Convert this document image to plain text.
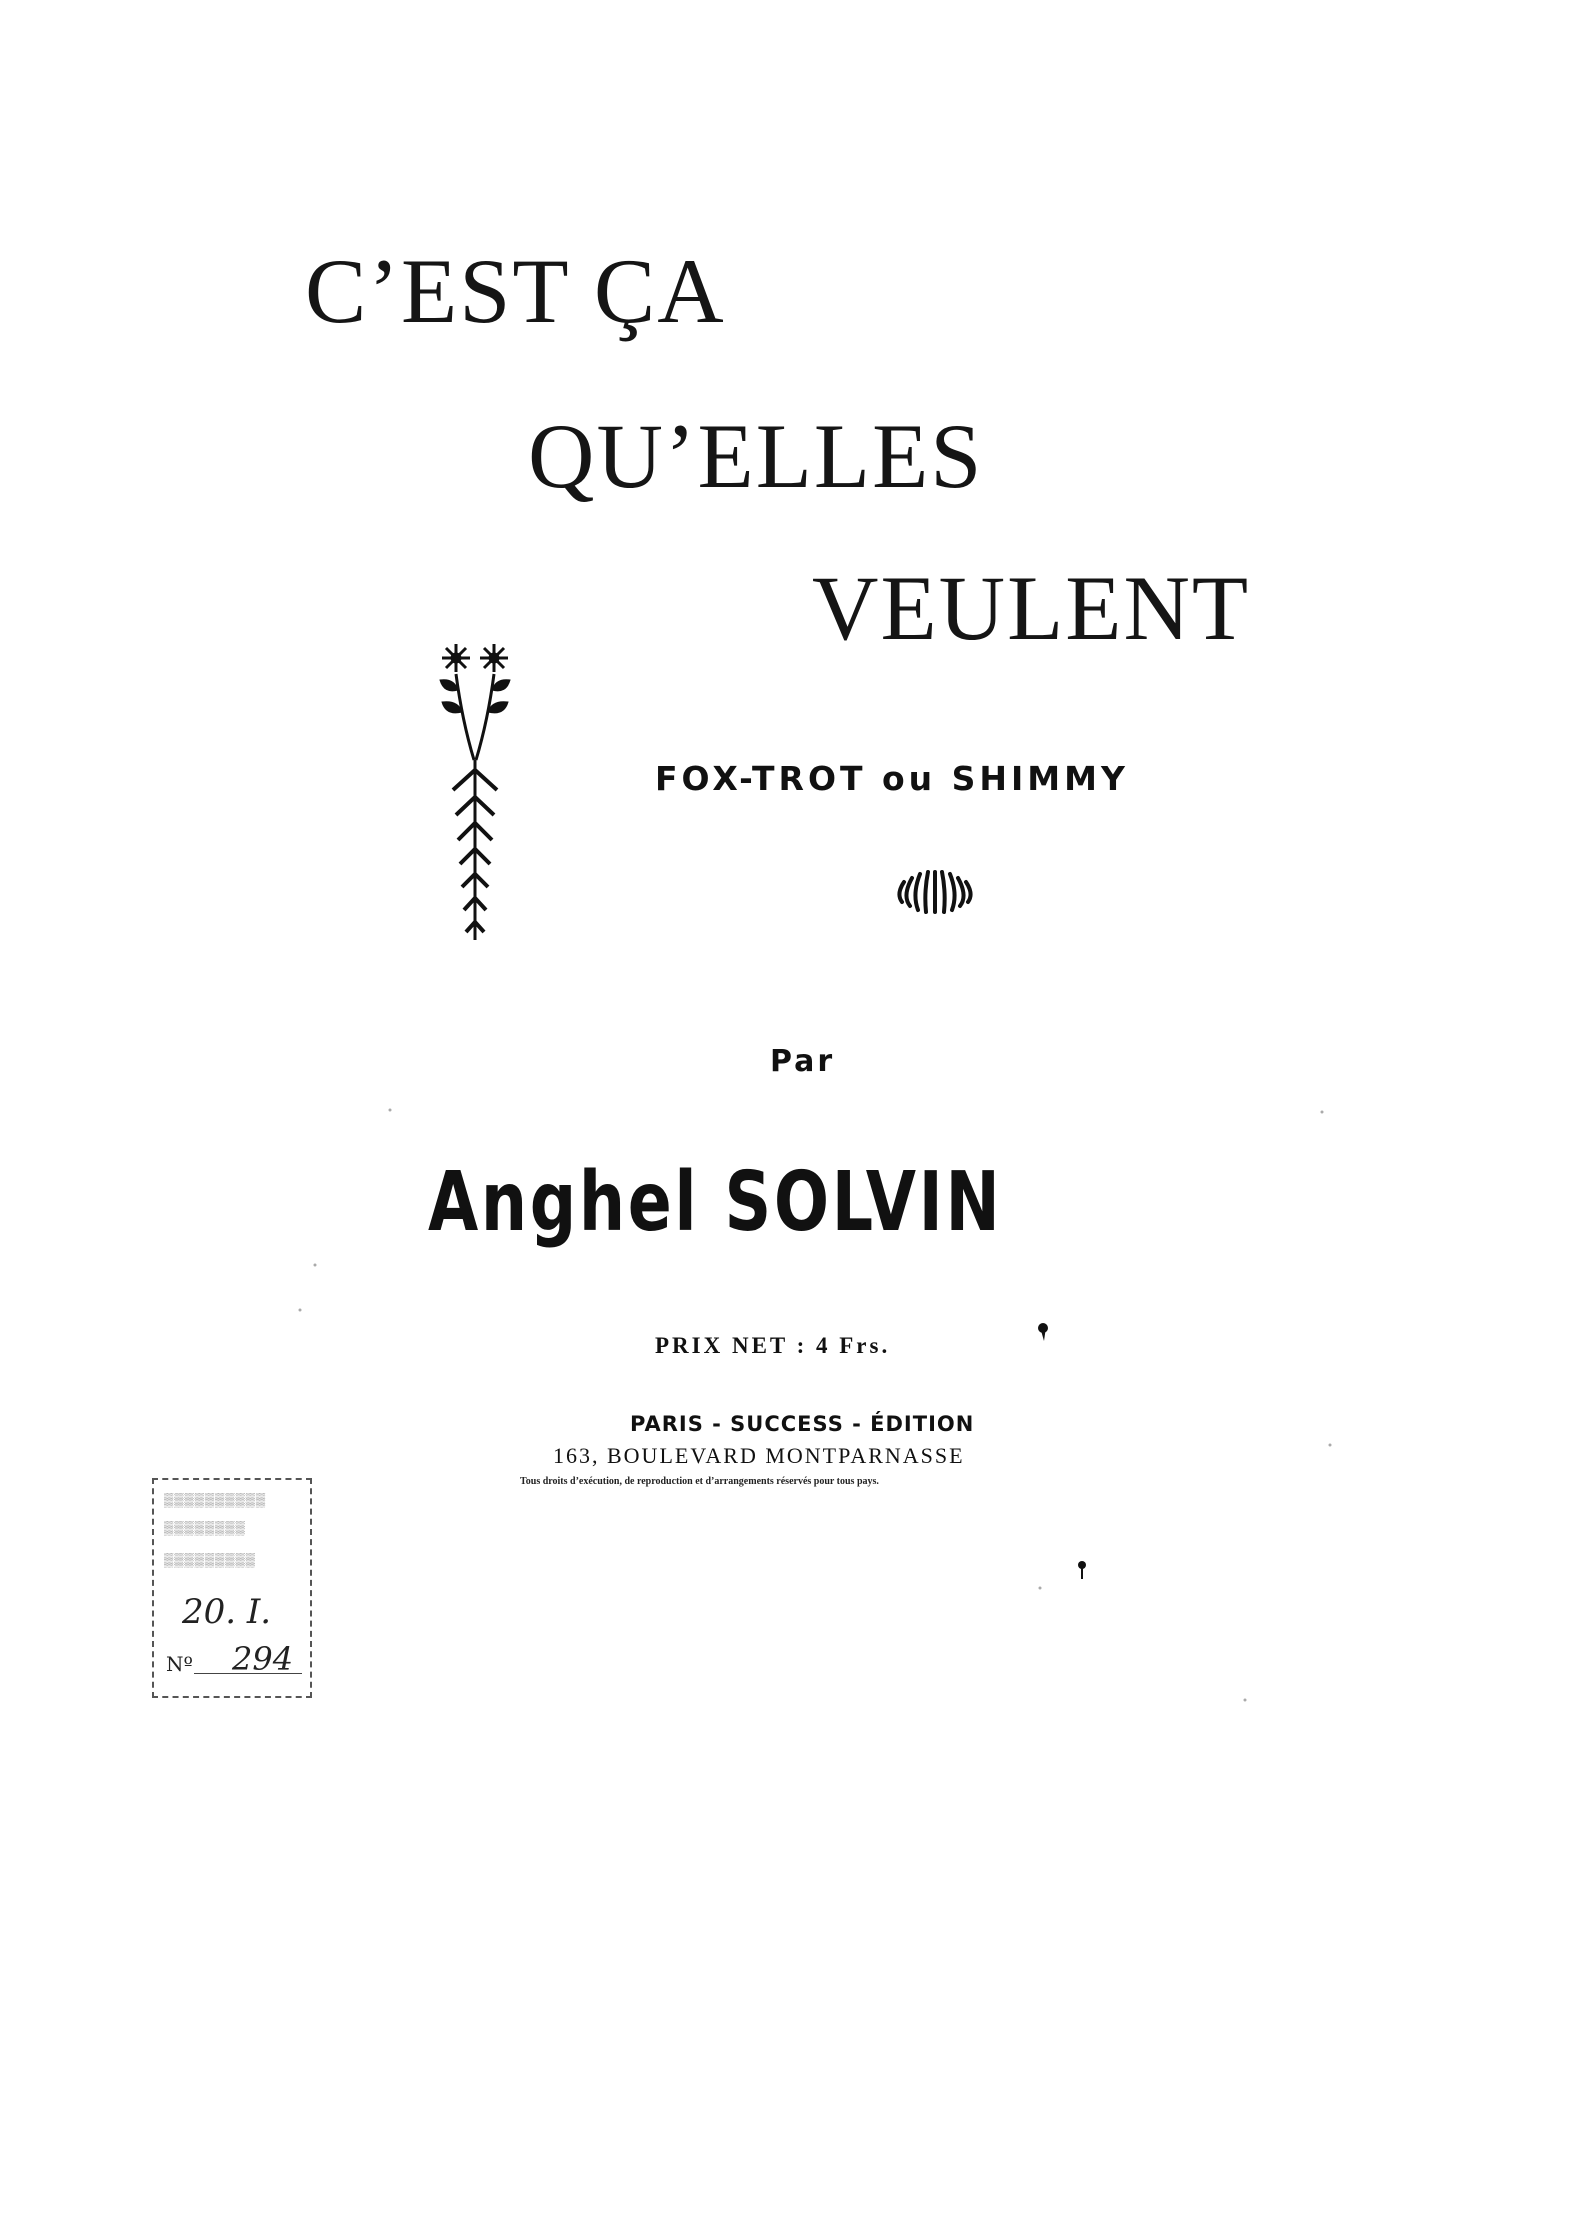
C’EST ÇA
QU’ELLES
VEULENT
FOX-TROT ou SHIMMY
Par
Anghel SOLVIN
PRIX NET : 4 Frs.
PARIS - SUCCESS - ÉDITION
163, BOULEVARD MONTPARNASSE
Tous droits d’exécution, de reproduction et d’arrangements réservés pour tous pays.
▒▒▒▒▒▒▒▒▒▒
▒▒▒▒▒▒▒▒
▒▒▒▒▒▒▒▒▒
20. I.
Nº 294
